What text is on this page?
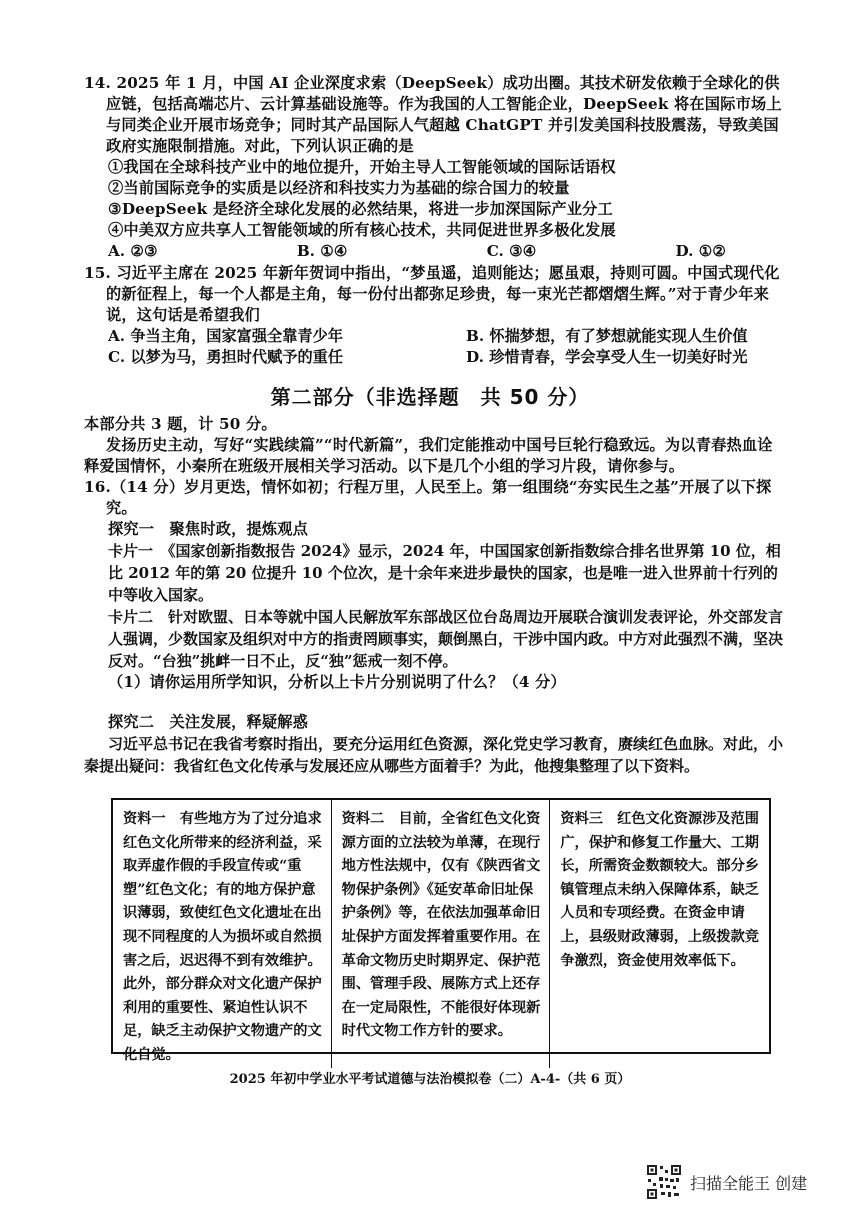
14. 2025 年 1 月，中国 AI 企业深度求索（DeepSeek）成功出圈。其技术研发依赖于全球化的供应链，包括高端芯片、云计算基础设施等。作为我国的人工智能企业，DeepSeek 将在国际市场上与同类企业开展市场竞争；同时其产品国际人气超越 ChatGPT 并引发美国科技股震荡，导致美国政府实施限制措施。对此，下列认识正确的是

①我国在全球科技产业中的地位提升，开始主导人工智能领域的国际话语权

②当前国际竞争的实质是以经济和科技实力为基础的综合国力的较量

③DeepSeek 是经济全球化发展的必然结果，将进一步加深国际产业分工

④中美双方应共享人工智能领域的所有核心技术，共同促进世界多极化发展

A. ②③	B. ①④	C. ③④	D. ①②

15. 习近平主席在 2025 年新年贺词中指出，“梦虽遥，追则能达；愿虽艰，持则可圆。中国式现代化的新征程上，每一个人都是主角，每一份付出都弥足珍贵，每一束光芒都熠熠生辉。”对于青少年来说，这句话是希望我们

A. 争当主角，国家富强全靠青少年	B. 怀揣梦想，有了梦想就能实现人生价值
C. 以梦为马，勇担时代赋予的重任	D. 珍惜青春，学会享受人生一切美好时光
第二部分（非选择题　共 50 分）

本部分共 3 题，计 50 分。

发扬历史主动，写好“实践续篇”“时代新篇”，我们定能推动中国号巨轮行稳致远。为以青春热血诠释爱国情怀，小秦所在班级开展相关学习活动。以下是几个小组的学习片段，请你参与。

16.（14 分）岁月更迭，情怀如初；行程万里，人民至上。第一组围绕“夯实民生之基”开展了以下探究。

探究一　聚焦时政，提炼观点

卡片一　《国家创新指数报告 2024》显示，2024 年，中国国家创新指数综合排名世界第 10 位，相比 2012 年的第 20 位提升 10 个位次，是十余年来进步最快的国家，也是唯一进入世界前十行列的中等收入国家。

卡片二　针对欧盟、日本等就中国人民解放军东部战区位台岛周边开展联合演训发表评论，外交部发言人强调，少数国家及组织对中方的指责罔顾事实，颠倒黑白，干涉中国内政。中方对此强烈不满，坚决反对。“台独”挑衅一日不止，反“独”惩戒一刻不停。

（1）请你运用所学知识，分析以上卡片分别说明了什么？（4 分）

探究二　关注发展，释疑解惑

习近平总书记在我省考察时指出，要充分运用红色资源，深化党史学习教育，赓续红色血脉。对此，小秦提出疑问：我省红色文化传承与发展还应从哪些方面着手？为此，他搜集整理了以下资料。

资料一　 有些地方为了过分追求红色文化所带来的经济利益，采取弄虚作假的手段宣传或“重塑”红色文化；有的地方保护意识薄弱，致使红色文化遗址在出现不同程度的人为损坏或自然损害之后，迟迟得不到有效维护。此外，部分群众对文化遗产保护利用的重要性、紧迫性认识不足，缺乏主动保护文物遗产的文化自觉。
资料二　 目前，全省红色文化资源方面的立法较为单薄，在现行地方性法规中，仅有《陕西省文物保护条例》《延安革命旧址保护条例》等，在依法加强革命旧址保护方面发挥着重要作用。在革命文物历史时期界定、保护范围、管理手段、展陈方式上还存在一定局限性，不能很好体现新时代文物工作方针的要求。
资料三　 红色文化资源涉及范围广，保护和修复工作量大、工期长，所需资金数额较大。部分乡镇管理点未纳入保障体系，缺乏人员和专项经费。在资金申请上，县级财政薄弱，上级拨款竞争激烈，资金使用效率低下。
2025 年初中学业水平考试道德与法治模拟卷（二）A-4-（共 6 页）
扫描全能王 创建
